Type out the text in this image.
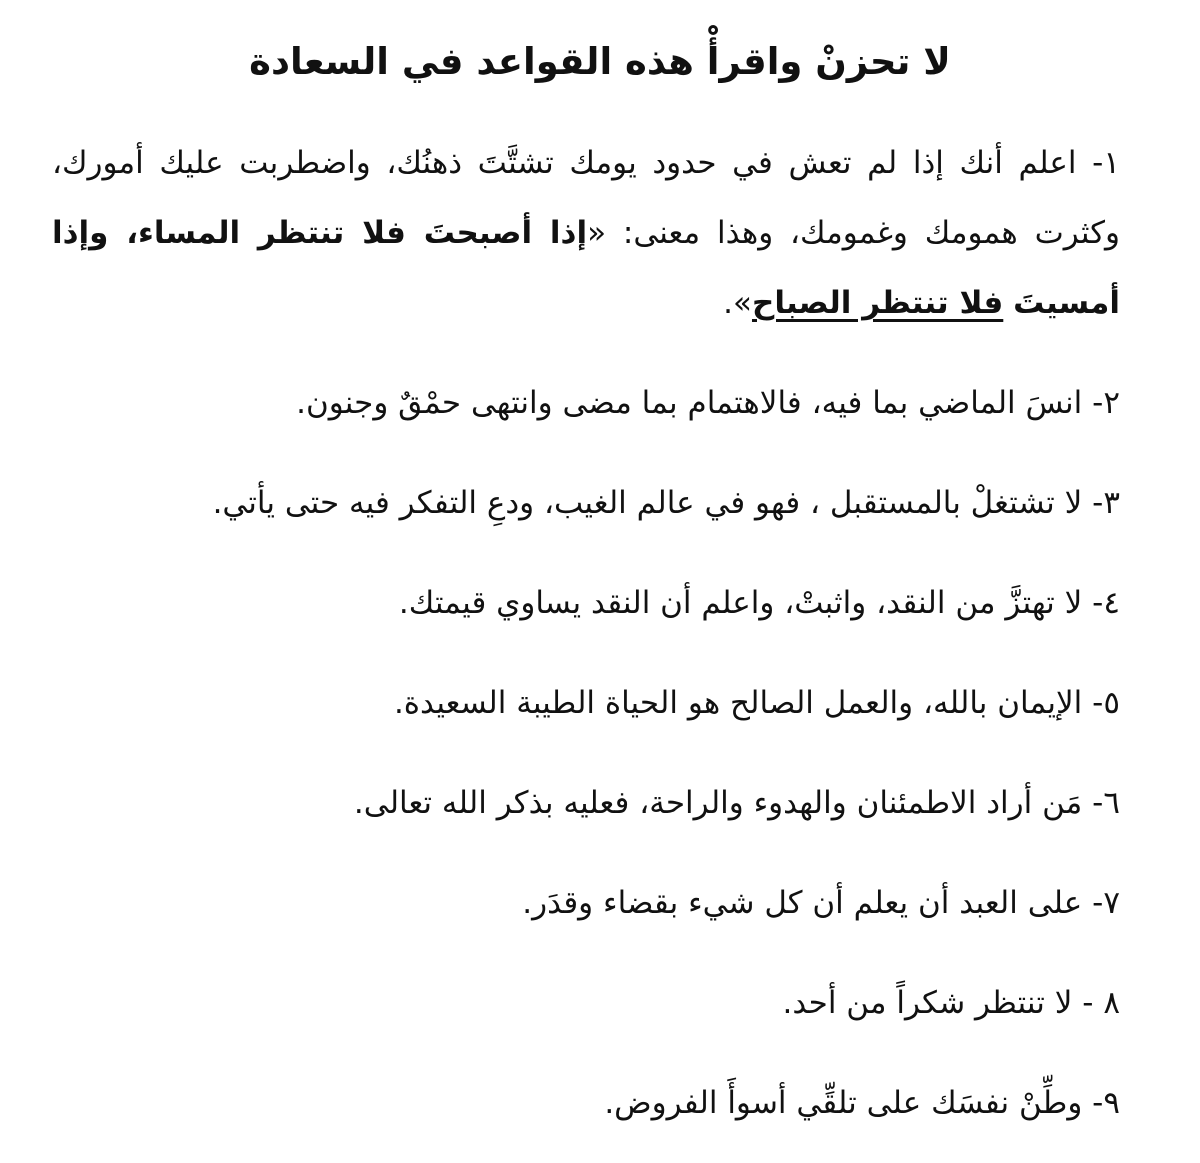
لا تحزنْ واقرأْ هذه القواعد في السعادة
١- اعلم أنك إذا لم تعش في حدود يومك تشتَّتَ ذهنُك، واضطربت عليك أمورك، وكثرت همومك وغمومك، وهذا معنى: «إذا أصبحتَ فلا تنتظر المساء، وإذا أمسيتَ فلا تنتظر الصباح».
٢- انسَ الماضي بما فيه، فالاهتمام بما مضى وانتهى حمْقٌ وجنون.
٣- لا تشتغلْ بالمستقبل ، فهو في عالم الغيب، ودعِ التفكر فيه حتى يأتي.
٤- لا تهتزَّ من النقد، واثبتْ، واعلم أن النقد يساوي قيمتك.
٥- الإيمان بالله، والعمل الصالح هو الحياة الطيبة السعيدة.
٦- مَن أراد الاطمئنان والهدوء والراحة، فعليه بذكر الله تعالى.
٧- على العبد أن يعلم أن كل شيء بقضاء وقدَر.
٨ - لا تنتظر شكراً من أحد.
٩- وطِّنْ نفسَك على تلقِّي أسوأَ الفروض.
